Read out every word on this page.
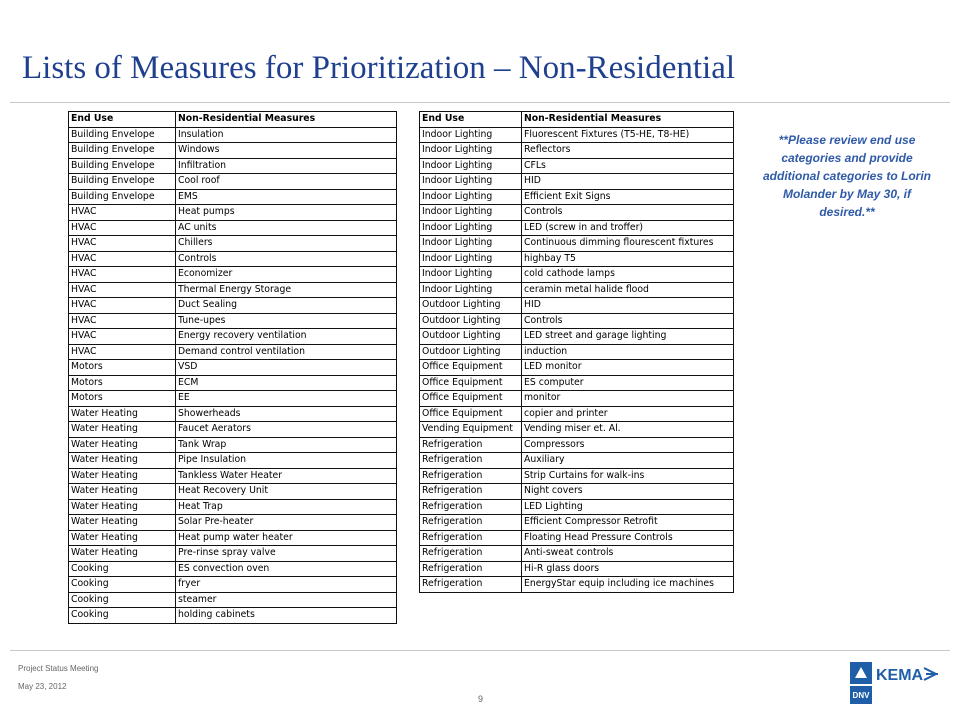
Lists of Measures for Prioritization – Non-Residential
End Use	Non-Residential Measures
Building Envelope	Insulation
Building Envelope	Windows
Building Envelope	Infiltration
Building Envelope	Cool roof
Building Envelope	EMS
HVAC	Heat pumps
HVAC	AC units
HVAC	Chillers
HVAC	Controls
HVAC	Economizer
HVAC	Thermal Energy Storage
HVAC	Duct Sealing
HVAC	Tune-upes
HVAC	Energy recovery ventilation
HVAC	Demand control ventilation
Motors	VSD
Motors	ECM
Motors	EE
Water Heating	Showerheads
Water Heating	Faucet Aerators
Water Heating	Tank Wrap
Water Heating	Pipe Insulation
Water Heating	Tankless Water Heater
Water Heating	Heat Recovery Unit
Water Heating	Heat Trap
Water Heating	Solar Pre-heater
Water Heating	Heat pump water heater
Water Heating	Pre-rinse spray valve
Cooking	ES convection oven
Cooking	fryer
Cooking	steamer
Cooking	holding cabinets
End Use	Non-Residential Measures
Indoor Lighting	Fluorescent Fixtures (T5-HE, T8-HE)
Indoor Lighting	Reflectors
Indoor Lighting	CFLs
Indoor Lighting	HID
Indoor Lighting	Efficient Exit Signs
Indoor Lighting	Controls
Indoor Lighting	LED (screw in and troffer)
Indoor Lighting	Continuous dimming flourescent fixtures
Indoor Lighting	highbay T5
Indoor Lighting	cold cathode lamps
Indoor Lighting	ceramin metal halide flood
Outdoor Lighting	HID
Outdoor Lighting	Controls
Outdoor Lighting	LED street and garage lighting
Outdoor Lighting	induction
Office Equipment	LED monitor
Office Equipment	ES computer
Office Equipment	monitor
Office Equipment	copier and printer
Vending Equipment	Vending miser et. Al.
Refrigeration	Compressors
Refrigeration	Auxiliary
Refrigeration	Strip Curtains for walk-ins
Refrigeration	Night covers
Refrigeration	LED Lighting
Refrigeration	Efficient Compressor Retrofit
Refrigeration	Floating Head Pressure Controls
Refrigeration	Anti-sweat controls
Refrigeration	Hi-R glass doors
Refrigeration	EnergyStar equip including ice machines
**Please review end use categories and provide additional categories to Lorin Molander by May 30, if desired.**
Project Status Meeting
May 23, 2012
9	DNV
KEMA
